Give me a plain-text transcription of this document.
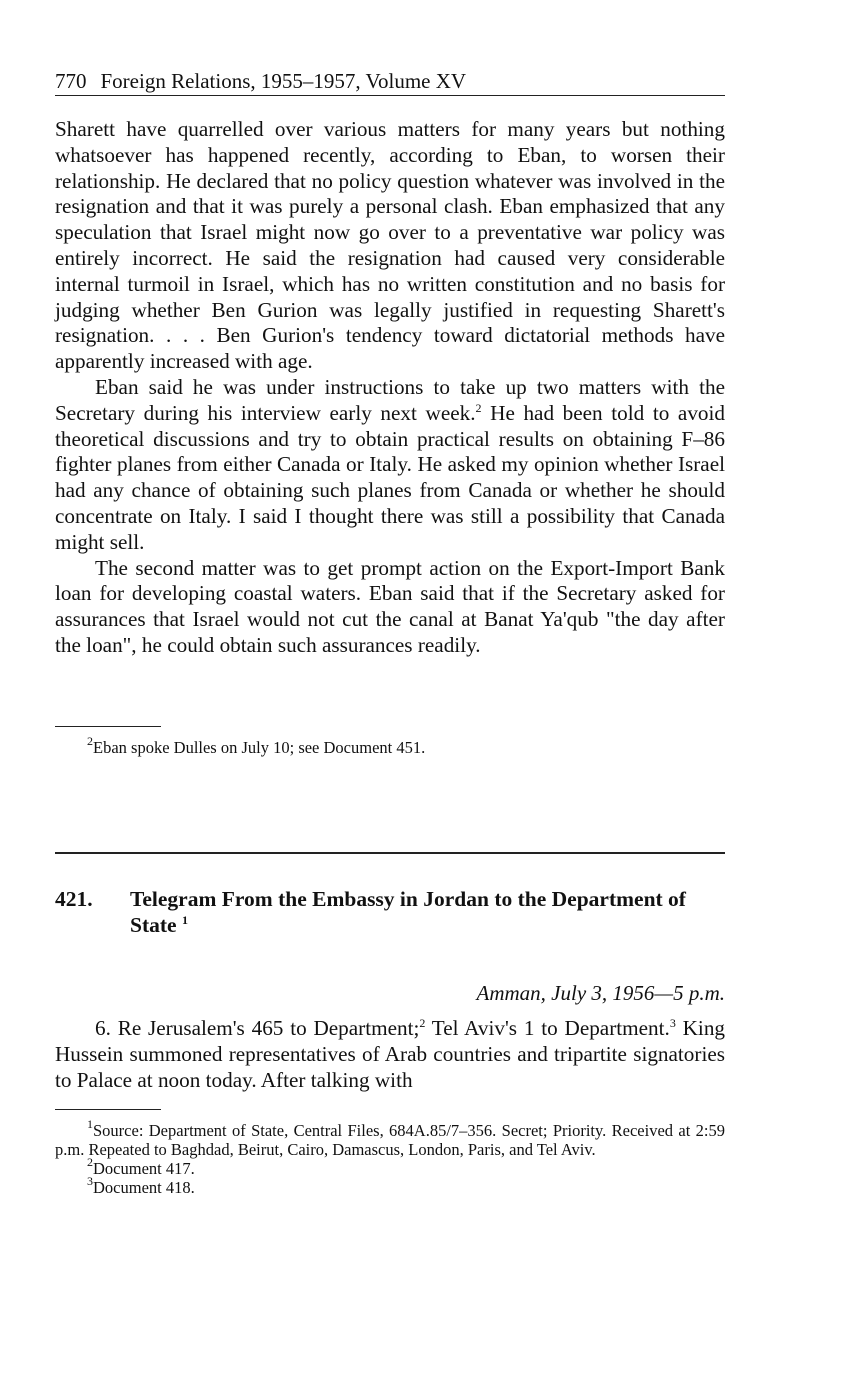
770 Foreign Relations, 1955–1957, Volume XV

Sharett have quarrelled over various matters for many years but nothing whatsoever has happened recently, according to Eban, to worsen their relationship. He declared that no policy question whatever was involved in the resignation and that it was purely a personal clash. Eban emphasized that any speculation that Israel might now go over to a preventative war policy was entirely incorrect. He said the resignation had caused very considerable internal turmoil in Israel, which has no written constitution and no basis for judging whether Ben Gurion was legally justified in requesting Sharett's resignation. . . . Ben Gurion's tendency toward dictatorial methods have apparently increased with age.

Eban said he was under instructions to take up two matters with the Secretary during his interview early next week.$^2$ He had been told to avoid theoretical discussions and try to obtain practical results on obtaining F–86 fighter planes from either Canada or Italy. He asked my opinion whether Israel had any chance of obtaining such planes from Canada or whether he should concentrate on Italy. I said I thought there was still a possibility that Canada might sell.

The second matter was to get prompt action on the Export-Import Bank loan for developing coastal waters. Eban said that if the Secretary asked for assurances that Israel would not cut the canal at Banat Ya'qub "the day after the loan", he could obtain such assurances readily.

$^2$Eban spoke Dulles on July 10; see Document 451.

421. Telegram From the Embassy in Jordan to the Department of State $^1$
Amman, July 3, 1956—5 p.m.

6. Re Jerusalem's 465 to Department;$^2$ Tel Aviv's 1 to Department.$^3$ King Hussein summoned representatives of Arab countries and tripartite signatories to Palace at noon today. After talking with

$^1$Source: Department of State, Central Files, 684A.85/7–356. Secret; Priority. Received at 2:59 p.m. Repeated to Baghdad, Beirut, Cairo, Damascus, London, Paris, and Tel Aviv.

$^2$Document 417.

$^3$Document 418.
